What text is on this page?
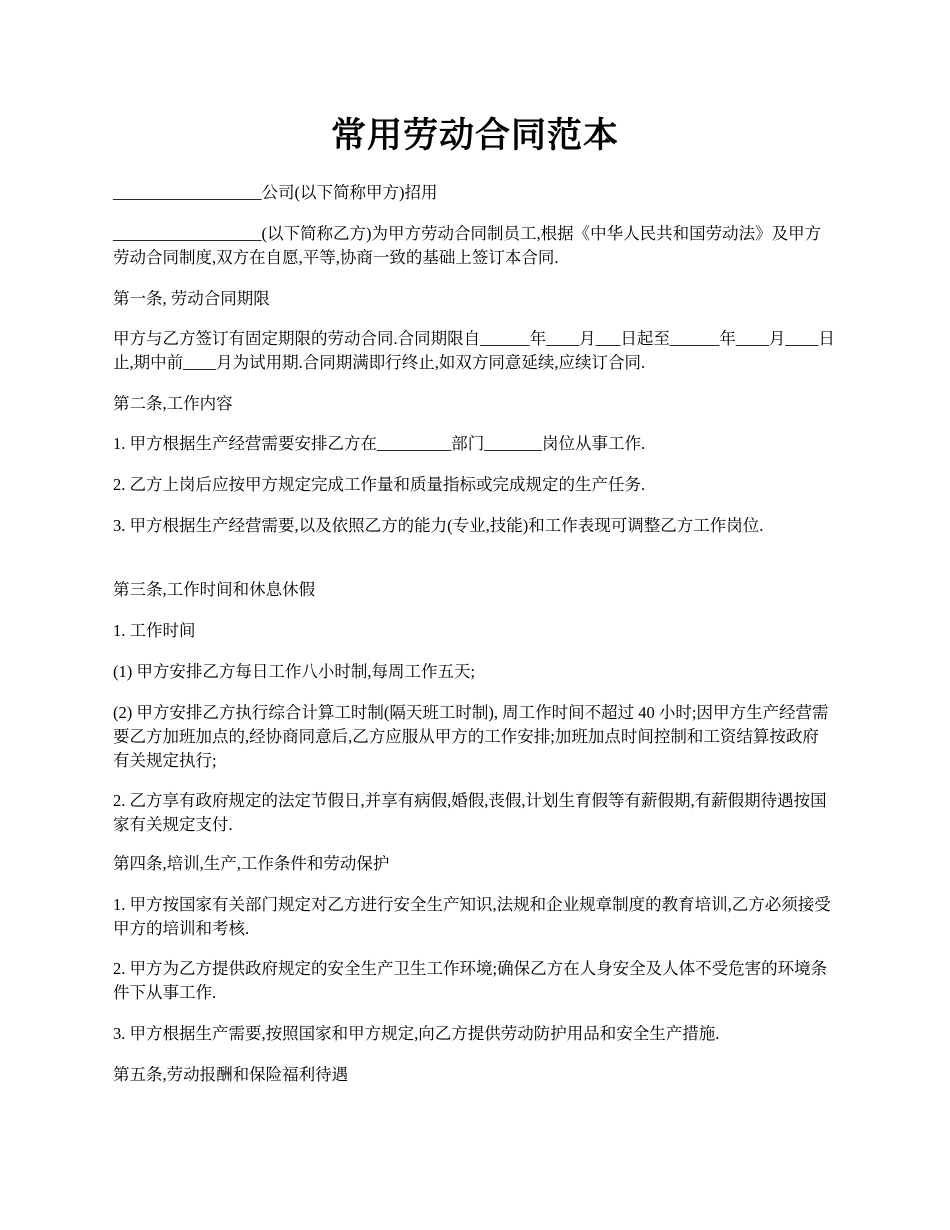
常用劳动合同范本

__________________公司(以下简称甲方)招用

__________________(以下简称乙方)为甲方劳动合同制员工,根据《中华人民共和国劳动法》及甲方劳动合同制度,双方在自愿,平等,协商一致的基础上签订本合同.

第一条, 劳动合同期限

甲方与乙方签订有固定期限的劳动合同.合同期限自______年____月___日起至______年____月____日止,期中前____月为试用期.合同期满即行终止,如双方同意延续,应续订合同.

第二条,工作内容

1. 甲方根据生产经营需要安排乙方在_________部门_______岗位从事工作.

2. 乙方上岗后应按甲方规定完成工作量和质量指标或完成规定的生产任务.

3. 甲方根据生产经营需要,以及依照乙方的能力(专业,技能)和工作表现可调整乙方工作岗位.

第三条,工作时间和休息休假

1. 工作时间

(1) 甲方安排乙方每日工作八小时制,每周工作五天;

(2) 甲方安排乙方执行综合计算工时制(隔天班工时制), 周工作时间不超过 40 小时;因甲方生产经营需要乙方加班加点的,经协商同意后,乙方应服从甲方的工作安排;加班加点时间控制和工资结算按政府有关规定执行;

2. 乙方享有政府规定的法定节假日,并享有病假,婚假,丧假,计划生育假等有薪假期,有薪假期待遇按国家有关规定支付.

第四条,培训,生产,工作条件和劳动保护

1. 甲方按国家有关部门规定对乙方进行安全生产知识,法规和企业规章制度的教育培训,乙方必须接受甲方的培训和考核.

2. 甲方为乙方提供政府规定的安全生产卫生工作环境;确保乙方在人身安全及人体不受危害的环境条件下从事工作.

3. 甲方根据生产需要,按照国家和甲方规定,向乙方提供劳动防护用品和安全生产措施.

第五条,劳动报酬和保险福利待遇
